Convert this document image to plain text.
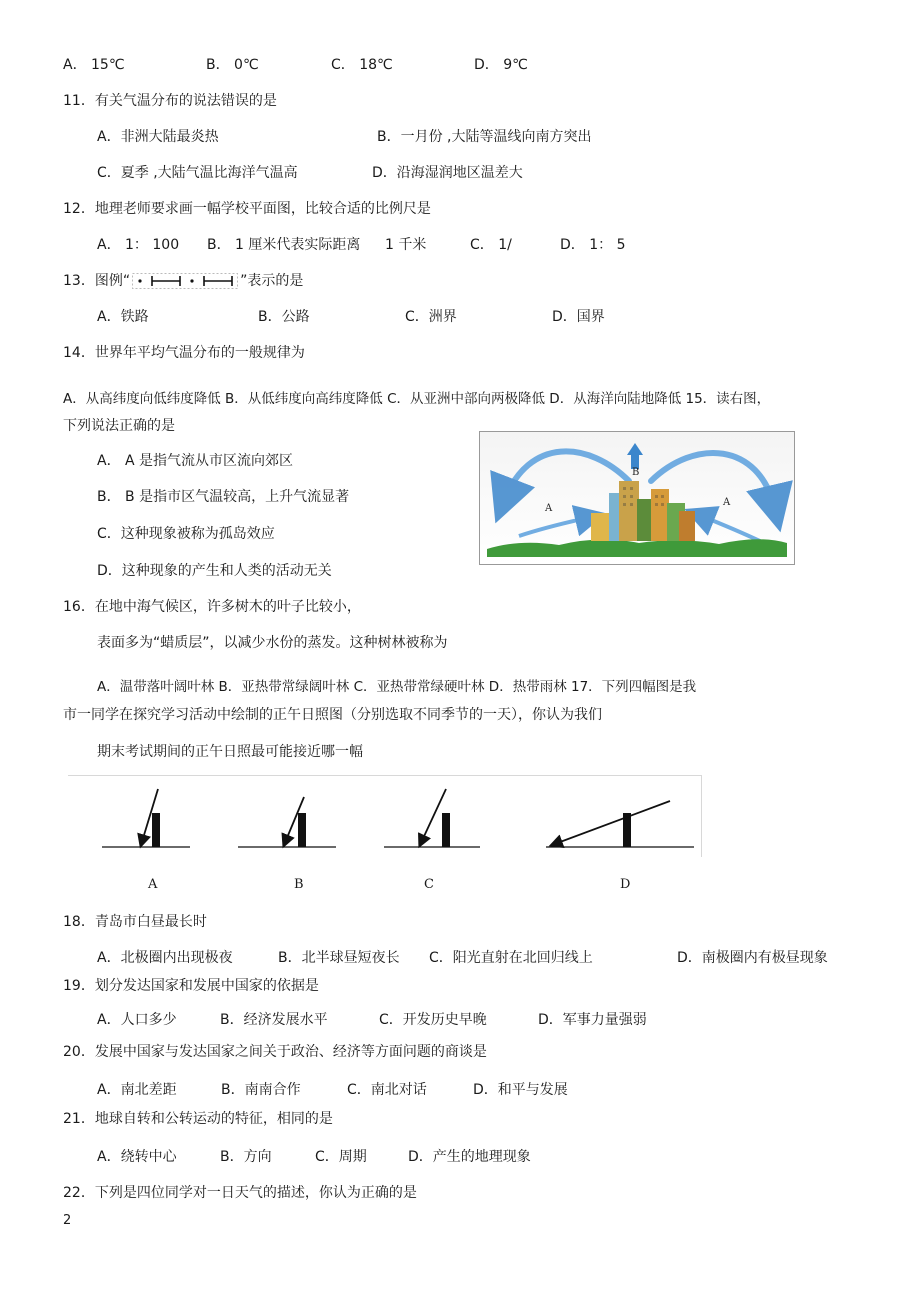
A． 15℃	B． 0℃	C． 18℃	D． 9℃
11．有关气温分布的说法错误的是
A．非洲大陆最炎热	B．一月份 ,大陆等温线向南方突出
C．夏季 ,大陆气温比海洋气温高	D．沿海湿润地区温差大
12．地理老师要求画一幅学校平面图，比较合适的比例尺是
A． 1： 100 B． 1 厘米代表实际距离 1 千米	C． 1/	D． 1： 5
13．图例“	”表示的是
A．铁路	B．公路	C．洲界	D．国界
14．世界年平均气温分布的一般规律为
A．从高纬度向低纬度降低 B．从低纬度向高纬度降低 C．从亚洲中部向两极降低 D．从海洋向陆地降低 15．读右图，
下列说法正确的是
A． A 是指气流从市区流向郊区
B． B 是指市区气温较高，上升气流显著
C．这种现象被称为孤岛效应
D．这种现象的产生和人类的活动无关
A
B
A
16．在地中海气候区，许多树木的叶子比较小，
表面多为“蜡质层”，以减少水份的蒸发。这种树林被称为
A．温带落叶阔叶林 B．亚热带常绿阔叶林 C．亚热带常绿硬叶林 D．热带雨林 17．下列四幅图是我
市一同学在探究学习活动中绘制的正午日照图（分别选取不同季节的一天），你认为我们
期末考试期间的正午日照最可能接近哪一幅
A	B	C	D
18．青岛市白昼最长时
A．北极圈内出现极夜	B．北半球昼短夜长 C．阳光直射在北回归线上	D．南极圈内有极昼现象
19．划分发达国家和发展中国家的依据是
A．人口多少	B．经济发展水平	C．开发历史早晚	D．军事力量强弱
20．发展中国家与发达国家之间关于政治、经济等方面问题的商谈是
A．南北差距	B．南南合作	C．南北对话	D．和平与发展
21．地球自转和公转运动的特征，相同的是
A．绕转中心	B．方向	C．周期	D．产生的地理现象
22．下列是四位同学对一日天气的描述，你认为正确的是
2
